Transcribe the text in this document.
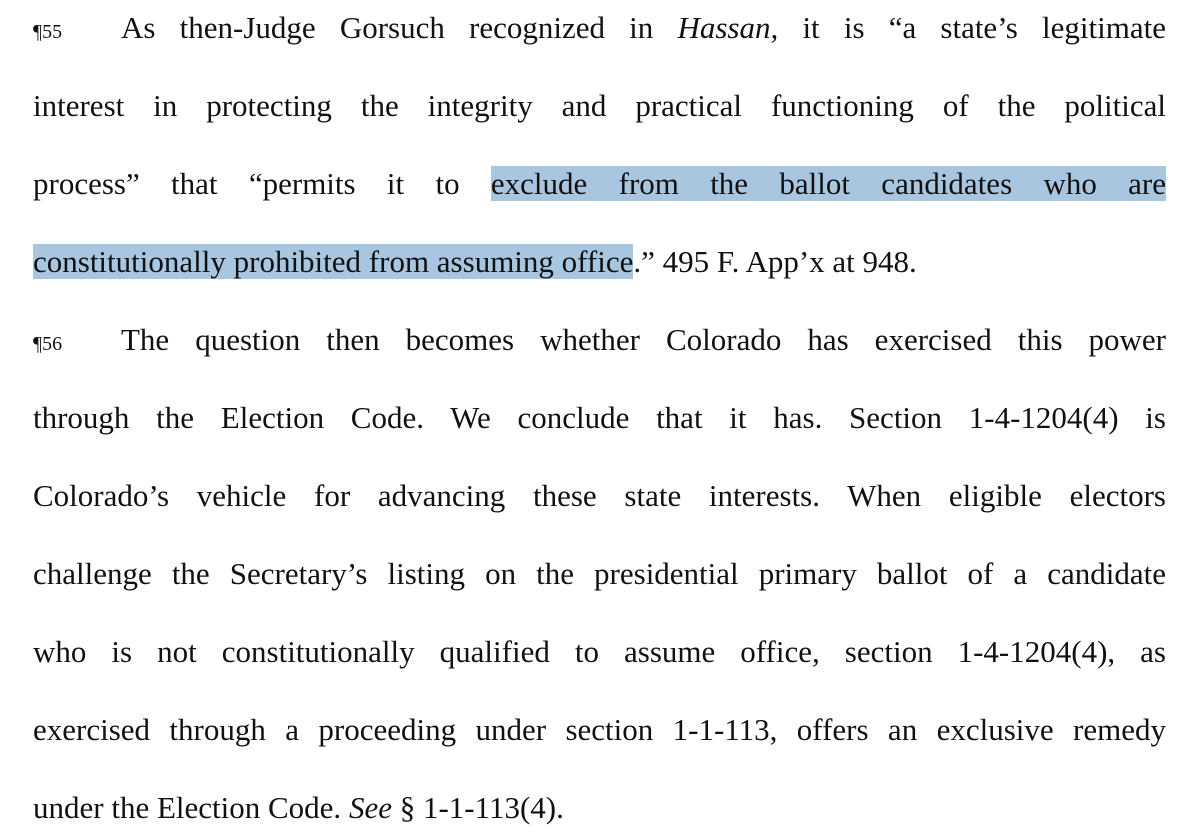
¶55 As then-Judge Gorsuch recognized in Hassan, it is “a state’s legitimate
interest in protecting the integrity and practical functioning of the political
process” that “permits it to exclude from the ballot candidates who are
constitutionally prohibited from assuming office.” 495 F. App’x at 948.
¶56 The question then becomes whether Colorado has exercised this power
through the Election Code. We conclude that it has. Section 1-4-1204(4) is
Colorado’s vehicle for advancing these state interests. When eligible electors
challenge the Secretary’s listing on the presidential primary ballot of a candidate
who is not constitutionally qualified to assume office, section 1-4-1204(4), as
exercised through a proceeding under section 1-1-113, offers an exclusive remedy
under the Election Code. See § 1-1-113(4).
